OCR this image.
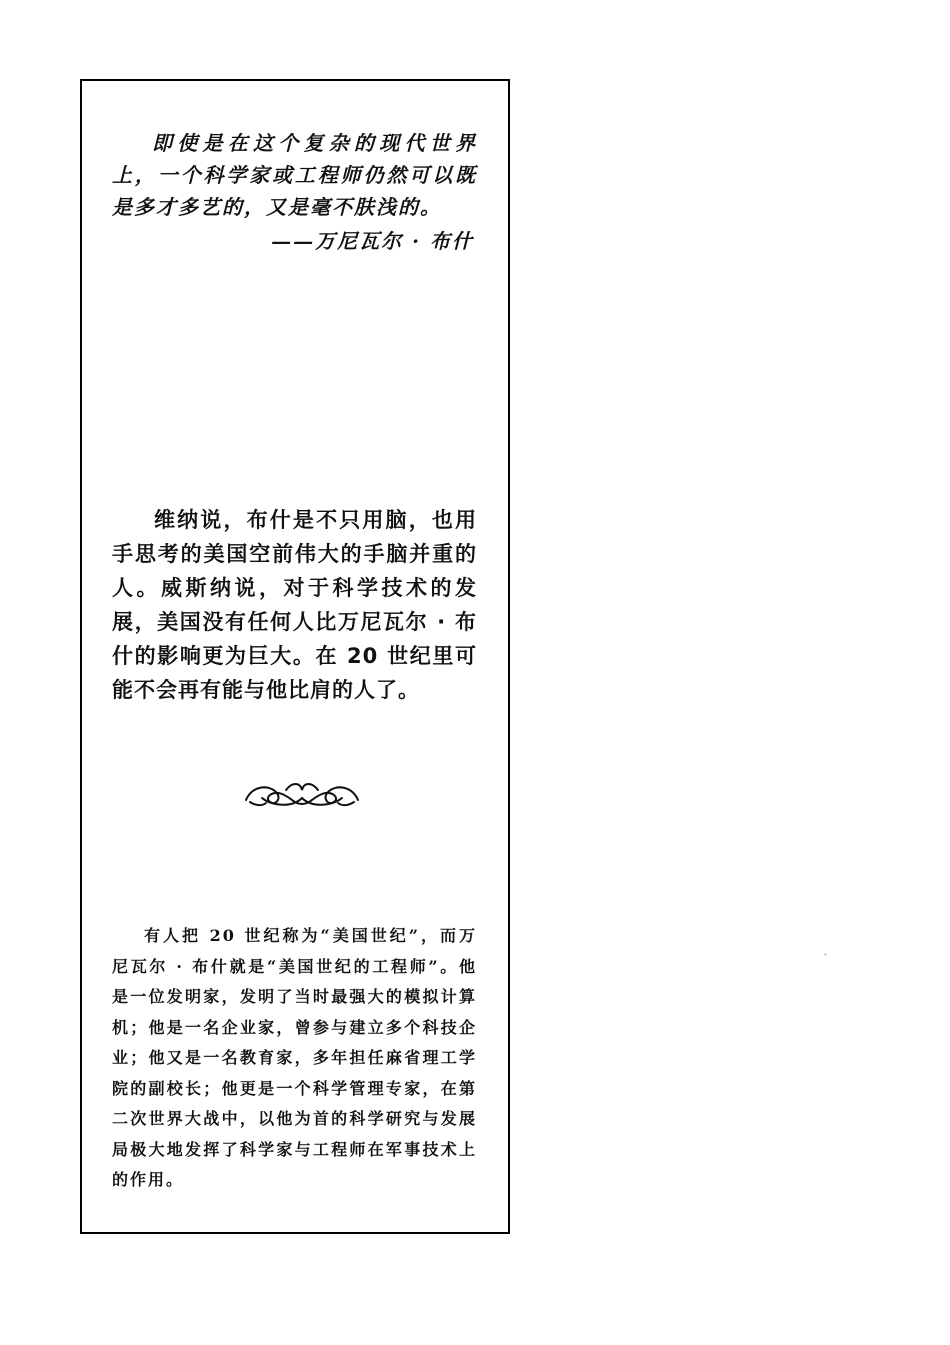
即使是在这个复杂的现代世界上，一个科学家或工程师仍然可以既是多才多艺的，又是毫不肤浅的。

——万尼瓦尔 · 布什

维纳说，布什是不只用脑，也用手思考的美国空前伟大的手脑并重的人。威斯纳说，对于科学技术的发展，美国没有任何人比万尼瓦尔 · 布什的影响更为巨大。在 20 世纪里可能不会再有能与他比肩的人了。

有人把 20 世纪称为“美国世纪”，而万尼瓦尔 · 布什就是“美国世纪的工程师”。他是一位发明家，发明了当时最强大的模拟计算机；他是一名企业家，曾参与建立多个科技企业；他又是一名教育家，多年担任麻省理工学院的副校长；他更是一个科学管理专家，在第二次世界大战中，以他为首的科学研究与发展局极大地发挥了科学家与工程师在军事技术上的作用。
